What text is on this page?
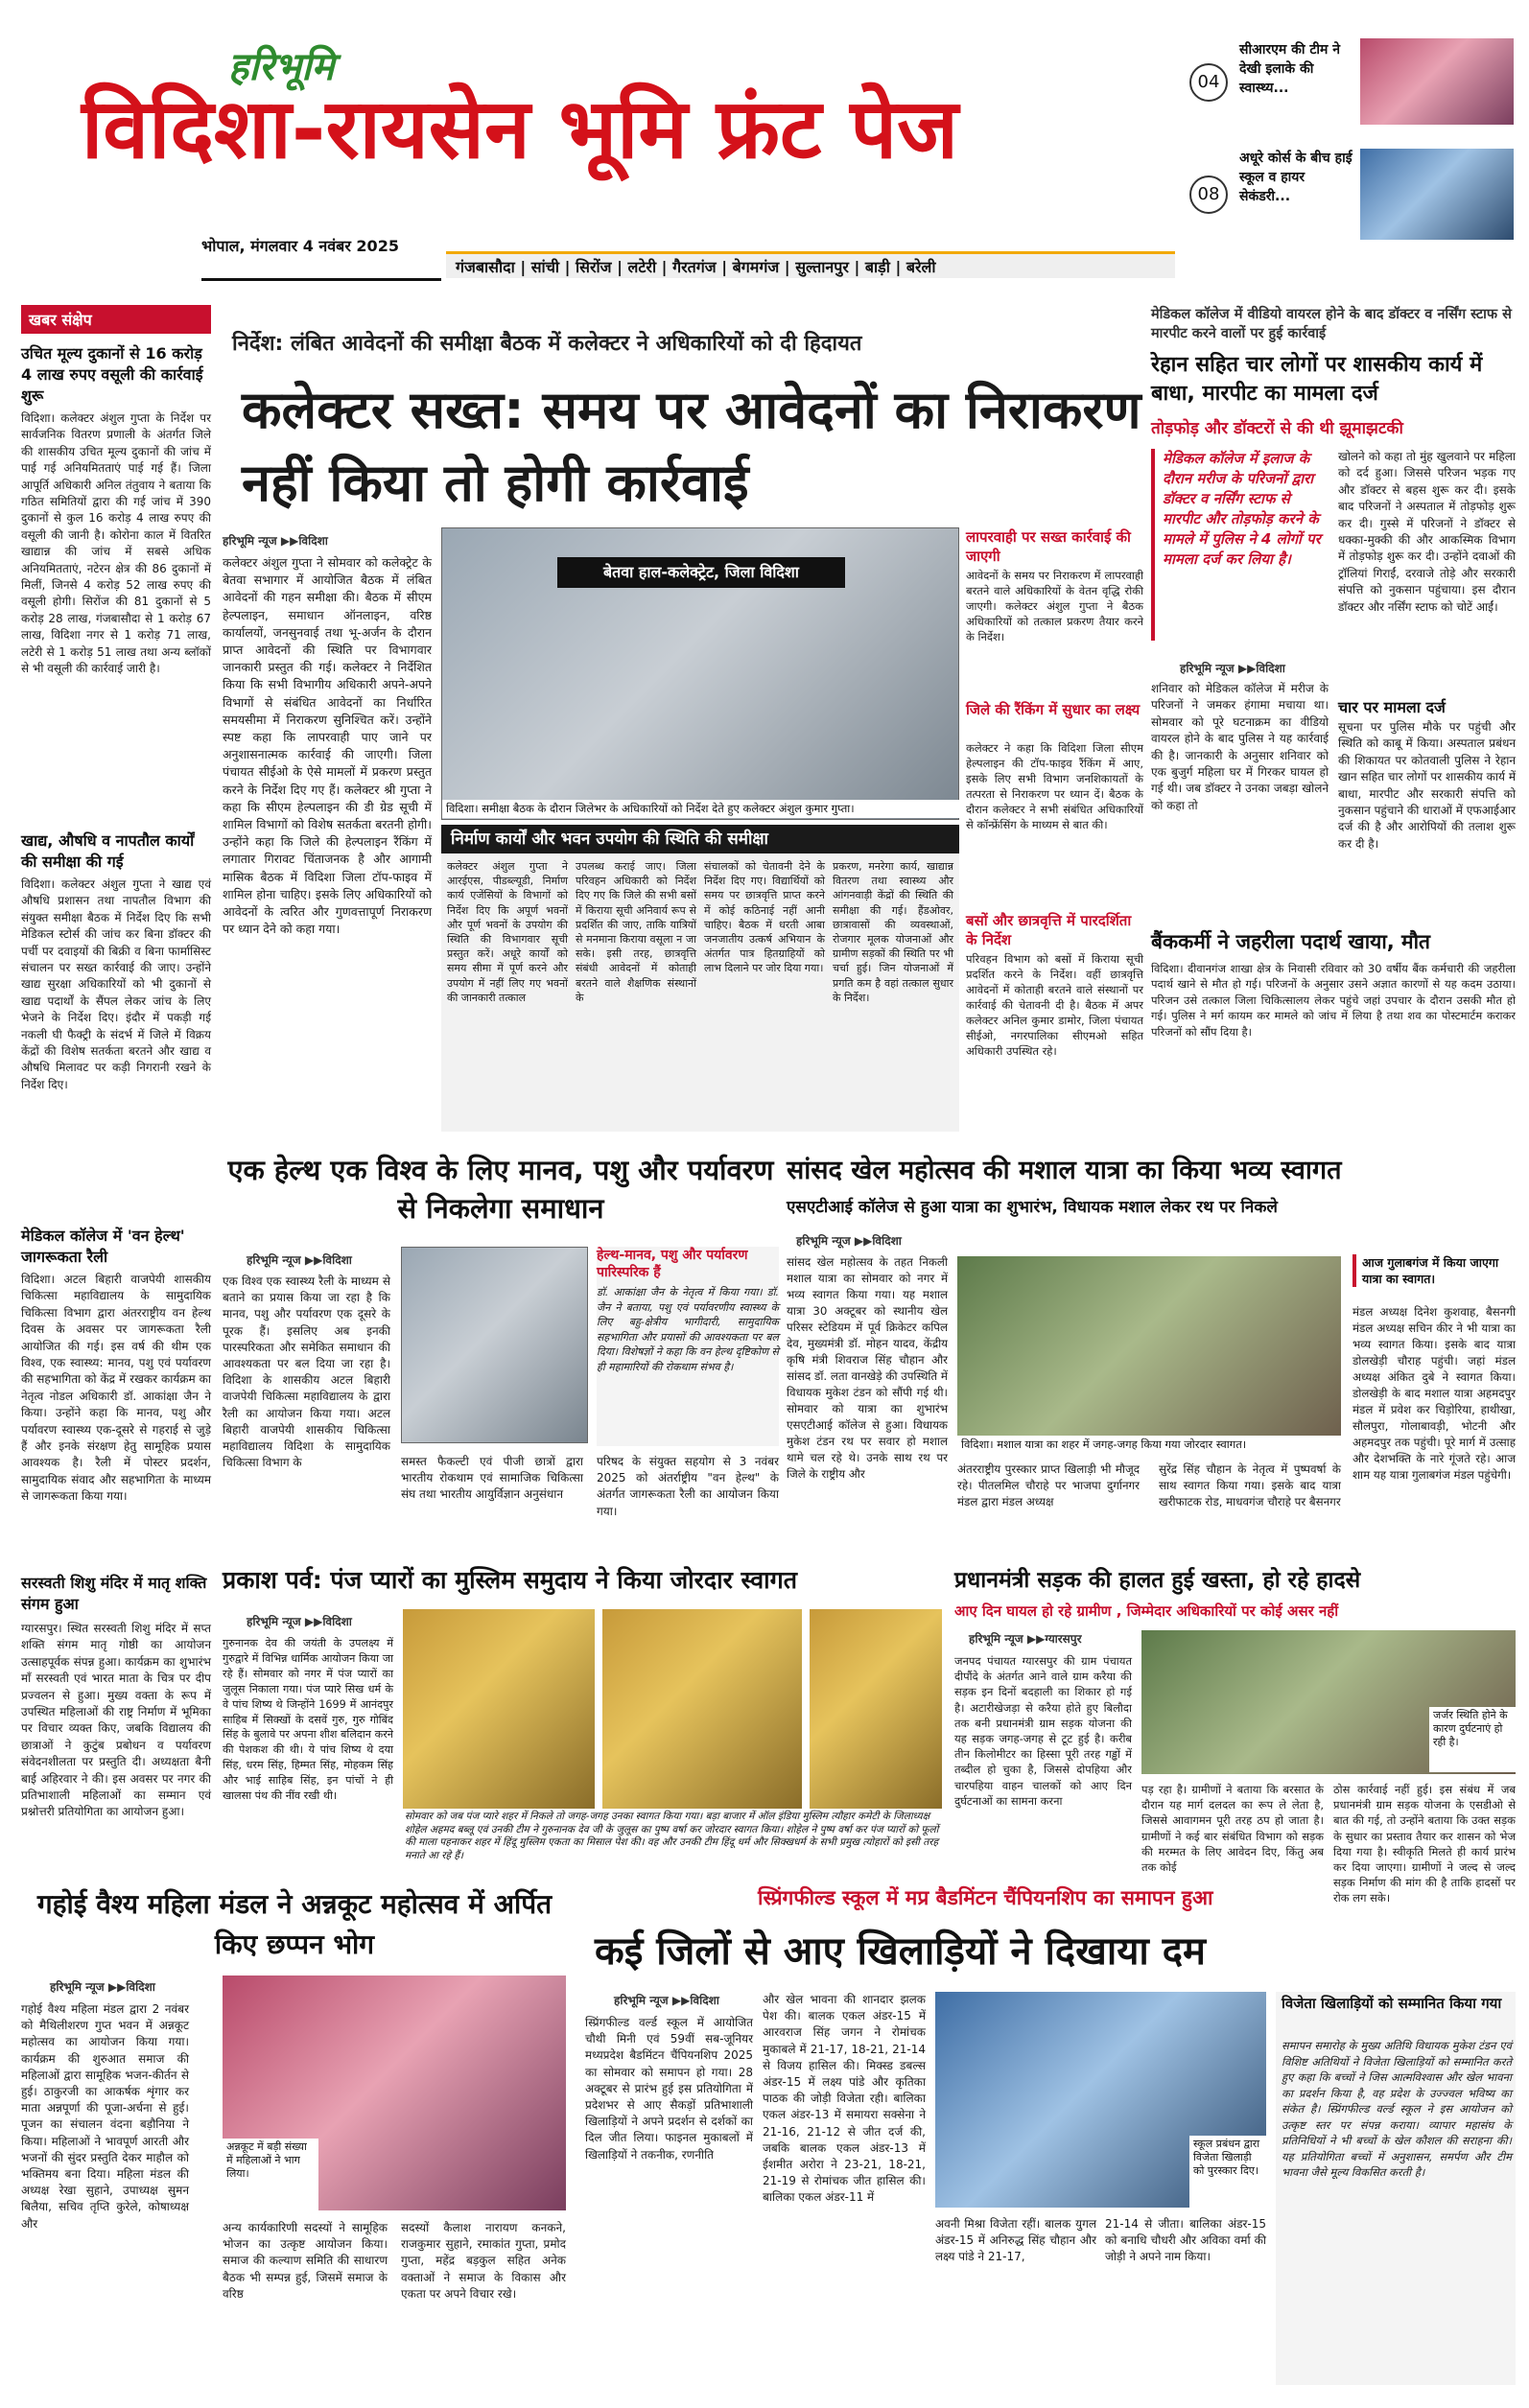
हरिभूमि
विदिशा-रायसेन भूमि फ्रंट पेज
भोपाल, मंगलवार 4 नवंबर 2025
04
सीआरएम की टीम ने देखी इलाके की स्वास्थ्य...
08
अधूरे कोर्स के बीच हाई स्कूल व हायर सेकंडरी...
गंजबासौदा | सांची | सिरोंज | लटेरी | गैरतगंज | बेगमगंज | सुल्तानपुर | बाड़ी | बरेली
खबर संक्षेप
उचित मूल्य दुकानों से 16 करोड़ 4 लाख रुपए वसूली की कार्रवाई शुरू
विदिशा। कलेक्टर अंशुल गुप्ता के निर्देश पर सार्वजनिक वितरण प्रणाली के अंतर्गत जिले की शासकीय उचित मूल्य दुकानों की जांच में पाई गई अनियमितताएं पाई गई हैं। जिला आपूर्ति अधिकारी अनिल तंतुवाय ने बताया कि गठित समितियों द्वारा की गई जांच में 390 दुकानों से कुल 16 करोड़ 4 लाख रुपए की वसूली की जानी है। कोरोना काल में वितरित खाद्यान्न की जांच में सबसे अधिक अनियमितताएं, नटेरन क्षेत्र की 86 दुकानों में मिलीं, जिनसे 4 करोड़ 52 लाख रुपए की वसूली होगी। सिरोंज की 81 दुकानों से 5 करोड़ 28 लाख, गंजबासौदा से 1 करोड़ 67 लाख, विदिशा नगर से 1 करोड़ 71 लाख, लटेरी से 1 करोड़ 51 लाख तथा अन्य ब्लॉकों से भी वसूली की कार्रवाई जारी है।
खाद्य, औषधि व नापतौल कार्यों की समीक्षा की गई
विदिशा। कलेक्टर अंशुल गुप्ता ने खाद्य एवं औषधि प्रशासन तथा नापतौल विभाग की संयुक्त समीक्षा बैठक में निर्देश दिए कि सभी मेडिकल स्टोर्स की जांच कर बिना डॉक्टर की पर्ची पर दवाइयों की बिक्री व बिना फार्मासिस्ट संचालन पर सख्त कार्रवाई की जाए। उन्होंने खाद्य सुरक्षा अधिकारियों को भी दुकानों से खाद्य पदार्थों के सैंपल लेकर जांच के लिए भेजने के निर्देश दिए। इंदौर में पकड़ी गई नकली घी फैक्ट्री के संदर्भ में जिले में विक्रय केंद्रों की विशेष सतर्कता बरतने और खाद्य व औषधि मिलावट पर कड़ी निगरानी रखने के निर्देश दिए।
मेडिकल कॉलेज में 'वन हेल्थ' जागरूकता रैली
विदिशा। अटल बिहारी वाजपेयी शासकीय चिकित्सा महाविद्यालय के सामुदायिक चिकित्सा विभाग द्वारा अंतरराष्ट्रीय वन हेल्थ दिवस के अवसर पर जागरूकता रैली आयोजित की गई। इस वर्ष की थीम एक विश्व, एक स्वास्थ्य: मानव, पशु एवं पर्यावरण की सहभागिता को केंद्र में रखकर कार्यक्रम का नेतृत्व नोडल अधिकारी डॉ. आकांक्षा जैन ने किया। उन्होंने कहा कि मानव, पशु और पर्यावरण स्वास्थ्य एक-दूसरे से गहराई से जुड़े हैं और इनके संरक्षण हेतु सामूहिक प्रयास आवश्यक है। रैली में पोस्टर प्रदर्शन, सामुदायिक संवाद और सहभागिता के माध्यम से जागरूकता किया गया।
सरस्वती शिशु मंदिर में मातृ शक्ति संगम हुआ
ग्यारसपुर। स्थित सरस्वती शिशु मंदिर में सप्त शक्ति संगम मातृ गोष्ठी का आयोजन उत्साहपूर्वक संपन्न हुआ। कार्यक्रम का शुभारंभ माँ सरस्वती एवं भारत माता के चित्र पर दीप प्रज्वलन से हुआ। मुख्य वक्ता के रूप में उपस्थित महिलाओं की राष्ट्र निर्माण में भूमिका पर विचार व्यक्त किए, जबकि विद्यालय की छात्राओं ने कुटुंब प्रबोधन व पर्यावरण संवेदनशीलता पर प्रस्तुति दी। अध्यक्षता बैनी बाई अहिरवार ने की। इस अवसर पर नगर की प्रतिभाशाली महिलाओं का सम्मान एवं प्रश्नोत्तरी प्रतियोगिता का आयोजन हुआ।
निर्देश: लंबित आवेदनों की समीक्षा बैठक में कलेक्टर ने अधिकारियों को दी हिदायत
कलेक्टर सख्त: समय पर आवेदनों का निराकरण नहीं किया तो होगी कार्रवाई
हरिभूमि न्यूज ▶▶विदिशा
कलेक्टर अंशुल गुप्ता ने सोमवार को कलेक्ट्रेट के बेतवा सभागार में आयोजित बैठक में लंबित आवेदनों की गहन समीक्षा की। बैठक में सीएम हेल्पलाइन, समाधान ऑनलाइन, वरिष्ठ कार्यालयों, जनसुनवाई तथा भू-अर्जन के दौरान प्राप्त आवेदनों की स्थिति पर विभागवार जानकारी प्रस्तुत की गई। कलेक्टर ने निर्देशित किया कि सभी विभागीय अधिकारी अपने-अपने विभागों से संबंधित आवेदनों का निर्धारित समयसीमा में निराकरण सुनिश्चित करें। उन्होंने स्पष्ट कहा कि लापरवाही पाए जाने पर अनुशासनात्मक कार्रवाई की जाएगी। जिला पंचायत सीईओ के ऐसे मामलों में प्रकरण प्रस्तुत करने के निर्देश दिए गए हैं। कलेक्टर श्री गुप्ता ने कहा कि सीएम हेल्पलाइन की डी ग्रेड सूची में शामिल विभागों को विशेष सतर्कता बरतनी होगी। उन्होंने कहा कि जिले की हेल्पलाइन रैंकिंग में लगातार गिरावट चिंताजनक है और आगामी मासिक बैठक में विदिशा जिला टॉप-फाइव में शामिल होना चाहिए। इसके लिए अधिकारियों को आवेदनों के त्वरित और गुणवत्तापूर्ण निराकरण पर ध्यान देने को कहा गया।
बेतवा हाल-कलेक्ट्रेट, जिला विदिशा
विदिशा। समीक्षा बैठक के दौरान जिलेभर के अधिकारियों को निर्देश देते हुए कलेक्टर अंशुल कुमार गुप्ता।
लापरवाही पर सख्त कार्रवाई की जाएगी
आवेदनों के समय पर निराकरण में लापरवाही बरतने वाले अधिकारियों के वेतन वृद्धि रोकी जाएगी। कलेक्टर अंशुल गुप्ता ने बैठक अधिकारियों को तत्काल प्रकरण तैयार करने के निर्देश।
जिले की रैंकिंग में सुधार का लक्ष्य
कलेक्टर ने कहा कि विदिशा जिला सीएम हेल्पलाइन की टॉप-फाइव रैंकिंग में आए, इसके लिए सभी विभाग जनशिकायतों के तत्परता से निराकरण पर ध्यान दें। बैठक के दौरान कलेक्टर ने सभी संबंधित अधिकारियों से कॉन्फ्रेंसिंग के माध्यम से बात की।
बसों और छात्रवृत्ति में पारदर्शिता के निर्देश
परिवहन विभाग को बसों में किराया सूची प्रदर्शित करने के निर्देश। वहीं छात्रवृत्ति आवेदनों में कोताही बरतने वाले संस्थानों पर कार्रवाई की चेतावनी दी है। बैठक में अपर कलेक्टर अनिल कुमार डामोर, जिला पंचायत सीईओ, नगरपालिका सीएमओ सहित अधिकारी उपस्थित रहे।
निर्माण कार्यों और भवन उपयोग की स्थिति की समीक्षा
कलेक्टर अंशुल गुप्ता ने आरईएस, पीडब्ल्यूडी, निर्माण कार्य एजेंसियों के विभागों को निर्देश दिए कि अपूर्ण भवनों और पूर्ण भवनों के उपयोग की स्थिति की विभागवार सूची प्रस्तुत करें। अधूरे कार्यों को समय सीमा में पूर्ण करने और उपयोग में नहीं लिए गए भवनों की जानकारी तत्काल
उपलब्ध कराई जाए। जिला परिवहन अधिकारी को निर्देश दिए गए कि जिले की सभी बसों में किराया सूची अनिवार्य रूप से प्रदर्शित की जाए, ताकि यात्रियों से मनमाना किराया वसूला न जा सके। इसी तरह, छात्रवृत्ति संबंधी आवेदनों में कोताही बरतने वाले शैक्षणिक संस्थानों के
संचालकों को चेतावनी देने के निर्देश दिए गए। विद्यार्थियों को समय पर छात्रवृत्ति प्राप्त करने में कोई कठिनाई नहीं आनी चाहिए। बैठक में धरती आबा जनजातीय उत्कर्ष अभियान के अंतर्गत पात्र हितग्राहियों को लाभ दिलाने पर जोर दिया गया।
प्रकरण, मनरेगा कार्य, खाद्यान्न वितरण तथा स्वास्थ्य और आंगनवाड़ी केंद्रों की स्थिति की समीक्षा की गई। हैंडओवर, छात्रावासों की व्यवस्थाओं, रोजगार मूलक योजनाओं और ग्रामीण सड़कों की स्थिति पर भी चर्चा हुई। जिन योजनाओं में प्रगति कम है वहां तत्काल सुधार के निर्देश।
मेडिकल कॉलेज में वीडियो वायरल होने के बाद डॉक्टर व नर्सिंग स्टाफ से मारपीट करने वालों पर हुई कार्रवाई
रेहान सहित चार लोगों पर शासकीय कार्य में बाधा, मारपीट का मामला दर्ज
तोड़फोड़ और डॉक्टरों से की थी झूमाझटकी
मेडिकल कॉलेज में इलाज के दौरान मरीज के परिजनों द्वारा डॉक्टर व नर्सिंग स्टाफ से मारपीट और तोड़फोड़ करने के मामले में पुलिस ने 4 लोगों पर मामला दर्ज कर लिया है।
खोलने को कहा तो मुंह खुलवाने पर महिला को दर्द हुआ। जिससे परिजन भड़क गए और डॉक्टर से बहस शुरू कर दी। इसके बाद परिजनों ने अस्पताल में तोड़फोड़ शुरू कर दी। गुस्से में परिजनों ने डॉक्टर से धक्का-मुक्की की और आकस्मिक विभाग में तोड़फोड़ शुरू कर दी। उन्होंने दवाओं की ट्रॉलियां गिराईं, दरवाजे तोड़े और सरकारी संपत्ति को नुकसान पहुंचाया। इस दौरान डॉक्टर और नर्सिंग स्टाफ को चोटें आईं।
हरिभूमि न्यूज ▶▶विदिशा
शनिवार को मेडिकल कॉलेज में मरीज के परिजनों ने जमकर हंगामा मचाया था। सोमवार को पूरे घटनाक्रम का वीडियो वायरल होने के बाद पुलिस ने यह कार्रवाई की है। जानकारी के अनुसार शनिवार को एक बुजुर्ग महिला घर में गिरकर घायल हो गई थी। जब डॉक्टर ने उनका जबड़ा खोलने को कहा तो
चार पर मामला दर्ज
सूचना पर पुलिस मौके पर पहुंची और स्थिति को काबू में किया। अस्पताल प्रबंधन की शिकायत पर कोतवाली पुलिस ने रेहान खान सहित चार लोगों पर शासकीय कार्य में बाधा, मारपीट और सरकारी संपत्ति को नुकसान पहुंचाने की धाराओं में एफआईआर दर्ज की है और आरोपियों की तलाश शुरू कर दी है।
बैंककर्मी ने जहरीला पदार्थ खाया, मौत
विदिशा। दीवानगंज शाखा क्षेत्र के निवासी रविवार को 30 वर्षीय बैंक कर्मचारी की जहरीला पदार्थ खाने से मौत हो गई। परिजनों के अनुसार उसने अज्ञात कारणों से यह कदम उठाया। परिजन उसे तत्काल जिला चिकित्सालय लेकर पहुंचे जहां उपचार के दौरान उसकी मौत हो गई। पुलिस ने मर्ग कायम कर मामले को जांच में लिया है तथा शव का पोस्टमार्टम कराकर परिजनों को सौंप दिया है।
एक हेल्थ एक विश्व के लिए मानव, पशु और पर्यावरण से निकलेगा समाधान
हरिभूमि न्यूज ▶▶विदिशा
एक विश्व एक स्वास्थ्य रैली के माध्यम से बताने का प्रयास किया जा रहा है कि मानव, पशु और पर्यावरण एक दूसरे के पूरक हैं। इसलिए अब इनकी पारस्परिकता और समेकित समाधान की आवश्यकता पर बल दिया जा रहा है। विदिशा के शासकीय अटल बिहारी वाजपेयी चिकित्सा महाविद्यालय के द्वारा रैली का आयोजन किया गया। अटल बिहारी वाजपेयी शासकीय चिकित्सा महाविद्यालय विदिशा के सामुदायिक चिकित्सा विभाग के
हेल्थ-मानव, पशु और पर्यावरण पारिस्परिक हैं
डॉ. आकांक्षा जैन के नेतृत्व में किया गया। डॉ. जैन ने बताया, पशु एवं पर्यावरणीय स्वास्थ्य के लिए बहु-क्षेत्रीय भागीदारी, सामुदायिक सहभागिता और प्रयासों की आवश्यकता पर बल दिया। विशेषज्ञों ने कहा कि वन हेल्थ दृष्टिकोण से ही महामारियों की रोकथाम संभव है।
समस्त फैकल्टी एवं पीजी छात्रों द्वारा भारतीय रोकथाम एवं सामाजिक चिकित्सा संघ तथा भारतीय आयुर्विज्ञान अनुसंधान
परिषद के संयुक्त सहयोग से 3 नवंबर 2025 को अंतर्राष्ट्रीय "वन हेल्थ" के अंतर्गत जागरूकता रैली का आयोजन किया गया।
सांसद खेल महोत्सव की मशाल यात्रा का किया भव्य स्वागत
एसएटीआई कॉलेज से हुआ यात्रा का शुभारंभ, विधायक मशाल लेकर रथ पर निकले
हरिभूमि न्यूज ▶▶विदिशा
सांसद खेल महोत्सव के तहत निकली मशाल यात्रा का सोमवार को नगर में भव्य स्वागत किया गया। यह मशाल यात्रा 30 अक्टूबर को स्थानीय खेल परिसर स्टेडियम में पूर्व क्रिकेटर कपिल देव, मुख्यमंत्री डॉ. मोहन यादव, केंद्रीय कृषि मंत्री शिवराज सिंह चौहान और सांसद डॉ. लता वानखेड़े की उपस्थिति में विधायक मुकेश टंडन को सौंपी गई थी। सोमवार को यात्रा का शुभारंभ एसएटीआई कॉलेज से हुआ। विधायक मुकेश टंडन रथ पर सवार हो मशाल थामे चल रहे थे। उनके साथ रथ पर जिले के राष्ट्रीय और
विदिशा। मशाल यात्रा का शहर में जगह-जगह किया गया जोरदार स्वागत।
अंतरराष्ट्रीय पुरस्कार प्राप्त खिलाड़ी भी मौजूद रहे। पीतलमिल चौराहे पर भाजपा दुर्गानगर मंडल द्वारा मंडल अध्यक्ष
सुरेंद्र सिंह चौहान के नेतृत्व में पुष्पवर्षा के साथ स्वागत किया गया। इसके बाद यात्रा खरीफाटक रोड, माधवगंज चौराहे पर बैसनगर
आज गुलाबगंज में किया जाएगा यात्रा का स्वागत।
मंडल अध्यक्ष दिनेश कुशवाह, बैसनगी मंडल अध्यक्ष सचिन कीर ने भी यात्रा का भव्य स्वागत किया। इसके बाद यात्रा डोलखेड़ी चौराह पहुंची। जहां मंडल अध्यक्ष अंकित दुबे ने स्वागत किया। डोलखेड़ी के बाद मशाल यात्रा अहमदपुर मंडल में प्रवेश कर चिड़ोरिया, हाथीखा, सौलपुरा, गोलाबावड़ी, भोटनी और अहमदपुर तक पहुंची। पूरे मार्ग में उत्साह और देशभक्ति के नारे गूंजते रहे। आज शाम यह यात्रा गुलाबगंज मंडल पहुंचेगी।
प्रकाश पर्व: पंज प्यारों का मुस्लिम समुदाय ने किया जोरदार स्वागत
हरिभूमि न्यूज ▶▶विदिशा
गुरुनानक देव की जयंती के उपलक्ष्य में गुरुद्वारे में विभिन्न धार्मिक आयोजन किया जा रहे हैं। सोमवार को नगर में पंज प्यारों का जुलूस निकाला गया। पंज प्यारे सिख धर्म के वे पांच शिष्य थे जिन्होंने 1699 में आनंदपुर साहिब में सिक्खों के दसवें गुरु, गुरु गोबिंद सिंह के बुलावे पर अपना शीश बलिदान करने की पेशकश की थी। ये पांच शिष्य थे दया सिंह, धरम सिंह, हिम्मत सिंह, मोहकम सिंह और भाई साहिब सिंह, इन पांचों ने ही खालसा पंथ की नींव रखी थी।
सोमवार को जब पंज प्यारे शहर में निकले तो जगह-जगह उनका स्वागत किया गया। बड़ा बाजार में ऑल इंडिया मुस्लिम त्यौहार कमेटी के जिलाध्यक्ष शोहेल अहमद बब्लू एवं उनकी टीम ने गुरुनानक देव जी के जुलूस का पुष्प वर्षा कर जोरदार स्वागत किया। शोहेल ने पुष्प वर्षा कर पंज प्यारों को फूलों की माला पहनाकर शहर में हिंदू मुस्लिम एकता का मिसाल पेश की। वह और उनकी टीम हिंदू धर्म और सिक्खधर्म के सभी प्रमुख त्योहारों को इसी तरह मनाते आ रहे हैं।
प्रधानमंत्री सड़क की हालत हुई खस्ता, हो रहे हादसे
आए दिन घायल हो रहे ग्रामीण , जिम्मेदार अधिकारियों पर कोई असर नहीं
हरिभूमि न्यूज ▶▶ग्यारसपुर
जनपद पंचायत ग्यारसपुर की ग्राम पंचायत दीपौंदे के अंतर्गत आने वाले ग्राम करैया की सड़क इन दिनों बदहाली का शिकार हो गई है। अटारीखेजड़ा से करैया होते हुए बिलौदा तक बनी प्रधानमंत्री ग्राम सड़क योजना की यह सड़क जगह-जगह से टूट हुई है। करीब तीन किलोमीटर का हिस्सा पूरी तरह गड्ढों में तब्दील हो चुका है, जिससे दोपहिया और चारपहिया वाहन चालकों को आए दिन दुर्घटनाओं का सामना करना
जर्जर स्थिति होने के कारण दुर्घटनाएं हो रही है।
पड़ रहा है। ग्रामीणों ने बताया कि बरसात के दौरान यह मार्ग दलदल का रूप ले लेता है, जिससे आवागमन पूरी तरह ठप हो जाता है। ग्रामीणों ने कई बार संबंधित विभाग को सड़क की मरम्मत के लिए आवेदन दिए, किंतु अब तक कोई
ठोस कार्रवाई नहीं हुई। इस संबंध में जब प्रधानमंत्री ग्राम सड़क योजना के एसडीओ से बात की गई, तो उन्होंने बताया कि उक्त सड़क के सुधार का प्रस्ताव तैयार कर शासन को भेज दिया गया है। स्वीकृति मिलते ही कार्य प्रारंभ कर दिया जाएगा। ग्रामीणों ने जल्द से जल्द सड़क निर्माण की मांग की है ताकि हादसों पर रोक लग सके।
गहोई वैश्य महिला मंडल ने अन्नकूट महोत्सव में अर्पित किए छप्पन भोग
हरिभूमि न्यूज ▶▶विदिशा
गहोई वैश्य महिला मंडल द्वारा 2 नवंबर को मैथिलीशरण गुप्त भवन में अन्नकूट महोत्सव का आयोजन किया गया। कार्यक्रम की शुरुआत समाज की महिलाओं द्वारा सामूहिक भजन-कीर्तन से हुई। ठाकुरजी का आकर्षक शृंगार कर माता अन्नपूर्णा की पूजा-अर्चना से हुई। पूजन का संचालन वंदना बड़ौनिया ने किया। महिलाओं ने भावपूर्ण आरती और भजनों की सुंदर प्रस्तुति देकर माहौल को भक्तिमय बना दिया। महिला मंडल की अध्यक्ष रेखा सुहाने, उपाध्यक्ष सुमन बिलैया, सचिव तृप्ति कुरेले, कोषाध्यक्ष और
अन्नकूट में बड़ी संख्या में महिलाओं ने भाग लिया।
अन्य कार्यकारिणी सदस्यों ने सामूहिक भोजन का उत्कृष्ट आयोजन किया। समाज की कल्याण समिति की साधारण बैठक भी सम्पन्न हुई, जिसमें समाज के वरिष्ठ
सदस्यों कैलाश नारायण कनकने, राजकुमार सुहाने, रमाकांत गुप्ता, प्रमोद गुप्ता, महेंद्र बड़कुल सहित अनेक वक्ताओं ने समाज के विकास और एकता पर अपने विचार रखे।
स्प्रिंगफील्ड स्कूल में मप्र बैडमिंटन चैंपियनशिप का समापन हुआ
कई जिलों से आए खिलाड़ियों ने दिखाया दम
हरिभूमि न्यूज ▶▶विदिशा
स्प्रिंगफील्ड वर्ल्ड स्कूल में आयोजित चौथी मिनी एवं 59वीं सब-जूनियर मध्यप्रदेश बैडमिंटन चैंपियनशिप 2025 का सोमवार को समापन हो गया। 28 अक्टूबर से प्रारंभ हुई इस प्रतियोगिता में प्रदेशभर से आए सैकड़ों प्रतिभाशाली खिलाड़ियों ने अपने प्रदर्शन से दर्शकों का दिल जीत लिया। फाइनल मुकाबलों में खिलाड़ियों ने तकनीक, रणनीति
और खेल भावना की शानदार झलक पेश की। बालक एकल अंडर-15 में आरवराज सिंह जगन ने रोमांचक मुकाबले में 21-17, 18-21, 21-14 से विजय हासिल की। मिक्स्ड डबल्स अंडर-15 में लक्ष्य पांडे और कृतिका पाठक की जोड़ी विजेता रही। बालिका एकल अंडर-13 में समायरा सक्सेना ने 21-16, 21-12 से जीत दर्ज की, जबकि बालक एकल अंडर-13 में ईशमीत अरोरा ने 23-21, 18-21, 21-19 से रोमांचक जीत हासिल की। बालिका एकल अंडर-11 में
स्कूल प्रबंधन द्वारा विजेता खिलाड़ी को पुरस्कार दिए।
अवनी मिश्रा विजेता रहीं। बालक युगल अंडर-15 में अनिरुद्ध सिंह चौहान और लक्ष्य पांडे ने 21-17,
21-14 से जीता। बालिका अंडर-15 को बनाधि चौधरी और अविका वर्मा की जोड़ी ने अपने नाम किया।
विजेता खिलाड़ियों को सम्मानित किया गया
समापन समारोह के मुख्य अतिथि विधायक मुकेश टंडन एवं विशिष्ट अतिथियों ने विजेता खिलाड़ियों को सम्मानित करते हुए कहा कि बच्चों ने जिस आत्मविश्वास और खेल भावना का प्रदर्शन किया है, वह प्रदेश के उज्ज्वल भविष्य का संकेत है। स्प्रिंगफील्ड वर्ल्ड स्कूल ने इस आयोजन को उत्कृष्ट स्तर पर संपन्न कराया। व्यापार महासंघ के प्रतिनिधियों ने भी बच्चों के खेल कौशल की सराहना की। यह प्रतियोगिता बच्चों में अनुशासन, समर्पण और टीम भावना जैसे मूल्य विकसित करती है।
